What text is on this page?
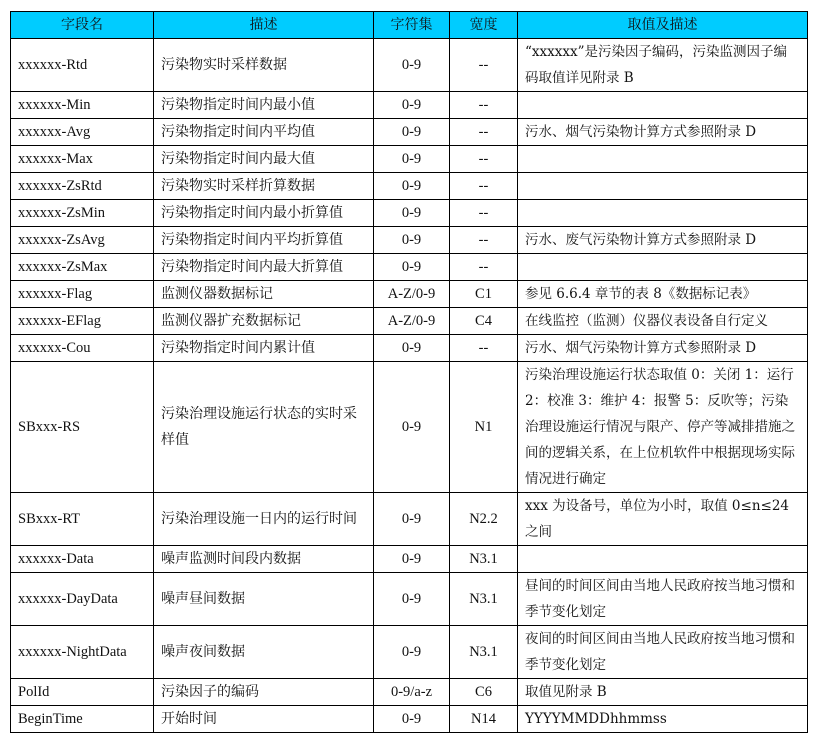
字段名	描述	字符集	宽度	取值及描述
xxxxxx-Rtd	污染物实时采样数据	0-9	--	“xxxxxx”是污染因子编码，污染监测因子编码取值详见附录 B
xxxxxx-Min	污染物指定时间内最小值	0-9	--	
xxxxxx-Avg	污染物指定时间内平均值	0-9	--	污水、烟气污染物计算方式参照附录 D
xxxxxx-Max	污染物指定时间内最大值	0-9	--	
xxxxxx-ZsRtd	污染物实时采样折算数据	0-9	--	
xxxxxx-ZsMin	污染物指定时间内最小折算值	0-9	--	
xxxxxx-ZsAvg	污染物指定时间内平均折算值	0-9	--	污水、废气污染物计算方式参照附录 D
xxxxxx-ZsMax	污染物指定时间内最大折算值	0-9	--	
xxxxxx-Flag	监测仪器数据标记	A-Z/0-9	C1	参见 6.6.4 章节的表 8《数据标记表》
xxxxxx-EFlag	监测仪器扩充数据标记	A-Z/0-9	C4	在线监控（监测）仪器仪表设备自行定义
xxxxxx-Cou	污染物指定时间内累计值	0-9	--	污水、烟气污染物计算方式参照附录 D
SBxxx-RS	污染治理设施运行状态的实时采样值	0-9	N1	污染治理设施运行状态取值 0：关闭 1：运行 2：校准 3：维护 4：报警 5：反吹等；污染治理设施运行情况与限产、停产等减排措施之间的逻辑关系，在上位机软件中根据现场实际情况进行确定
SBxxx-RT	污染治理设施一日内的运行时间	0-9	N2.2	xxx 为设备号，单位为小时，取值 0≤n≤24 之间
xxxxxx-Data	噪声监测时间段内数据	0-9	N3.1	
xxxxxx-DayData	噪声昼间数据	0-9	N3.1	昼间的时间区间由当地人民政府按当地习惯和季节变化划定
xxxxxx-NightData	噪声夜间数据	0-9	N3.1	夜间的时间区间由当地人民政府按当地习惯和季节变化划定
PolId	污染因子的编码	0-9/a-z	C6	取值见附录 B
BeginTime	开始时间	0-9	N14	YYYYMMDDhhmmss
